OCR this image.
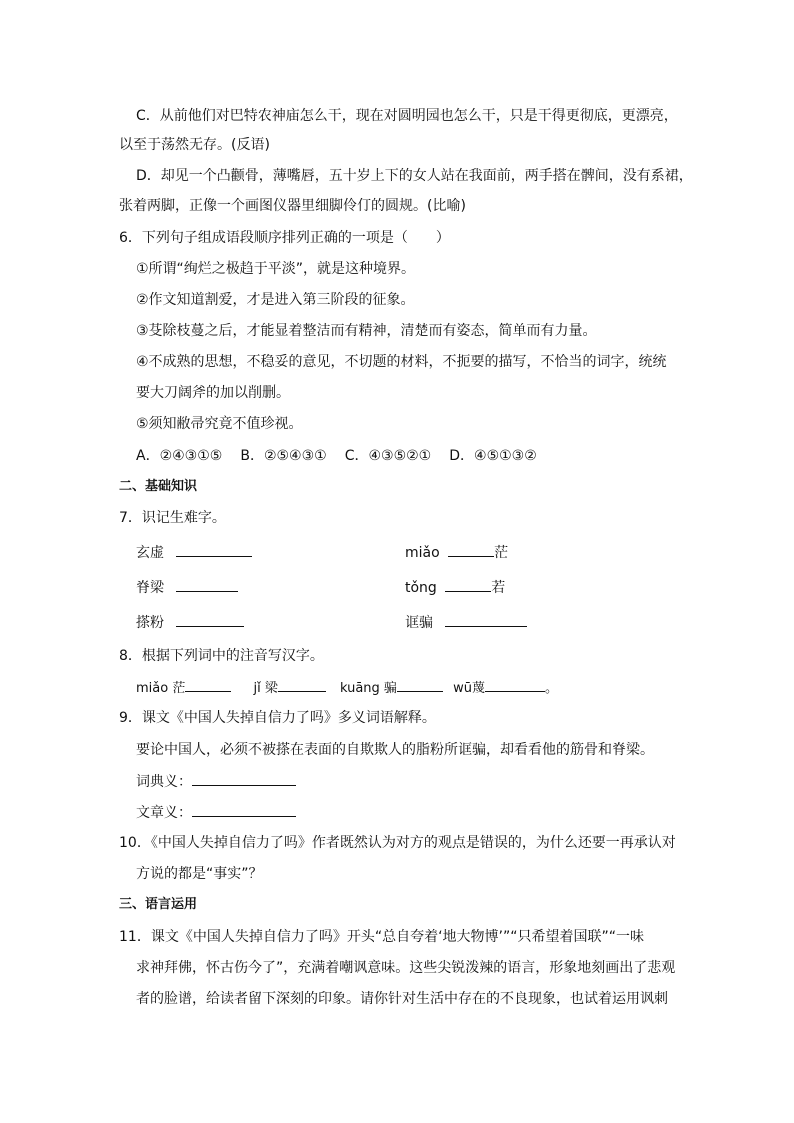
C．从前他们对巴特农神庙怎么干，现在对圆明园也怎么干，只是干得更彻底，更漂亮，
以至于荡然无存。(反语)
D．却见一个凸颧骨，薄嘴唇，五十岁上下的女人站在我面前，两手搭在髀间，没有系裙，
张着两脚，正像一个画图仪器里细脚伶仃的圆规。(比喻)
6．下列句子组成语段顺序排列正确的一项是（　　）
①所谓“绚烂之极趋于平淡”，就是这种境界。
②作文知道割爱，才是进入第三阶段的征象。
③芟除枝蔓之后，才能显着整洁而有精神，清楚而有姿态，简单而有力量。
④不成熟的思想，不稳妥的意见，不切题的材料，不扼要的描写，不恰当的词字，统统
要大刀阔斧的加以削删。
⑤须知敝帚究竟不值珍视。
A．②④③①⑤ B．②⑤④③① C．④③⑤②① D．④⑤①③②
二、基础知识
7．识记生难字。
玄虚	miǎo	茫
脊梁	tǒng	若
搽粉	诓骗
8．根据下列词中的注音写汉字。
miǎo 茫	jǐ 梁	kuāng 骗	wū蔑	。
9．课文《中国人失掉自信力了吗》多义词语解释。
要论中国人，必须不被搽在表面的自欺欺人的脂粉所诓骗，却看看他的筋骨和脊梁。
词典义：
文章义：
10．《中国人失掉自信力了吗》作者既然认为对方的观点是错误的，为什么还要一再承认对
方说的都是“事实”？
三、语言运用
11．课文《中国人失掉自信力了吗》开头“总自夸着‘地大物博’”“只希望着国联”“一味
求神拜佛，怀古伤今了”，充满着嘲讽意味。这些尖锐泼辣的语言，形象地刻画出了悲观
者的脸谱，给读者留下深刻的印象。请你针对生活中存在的不良现象，也试着运用讽刺
